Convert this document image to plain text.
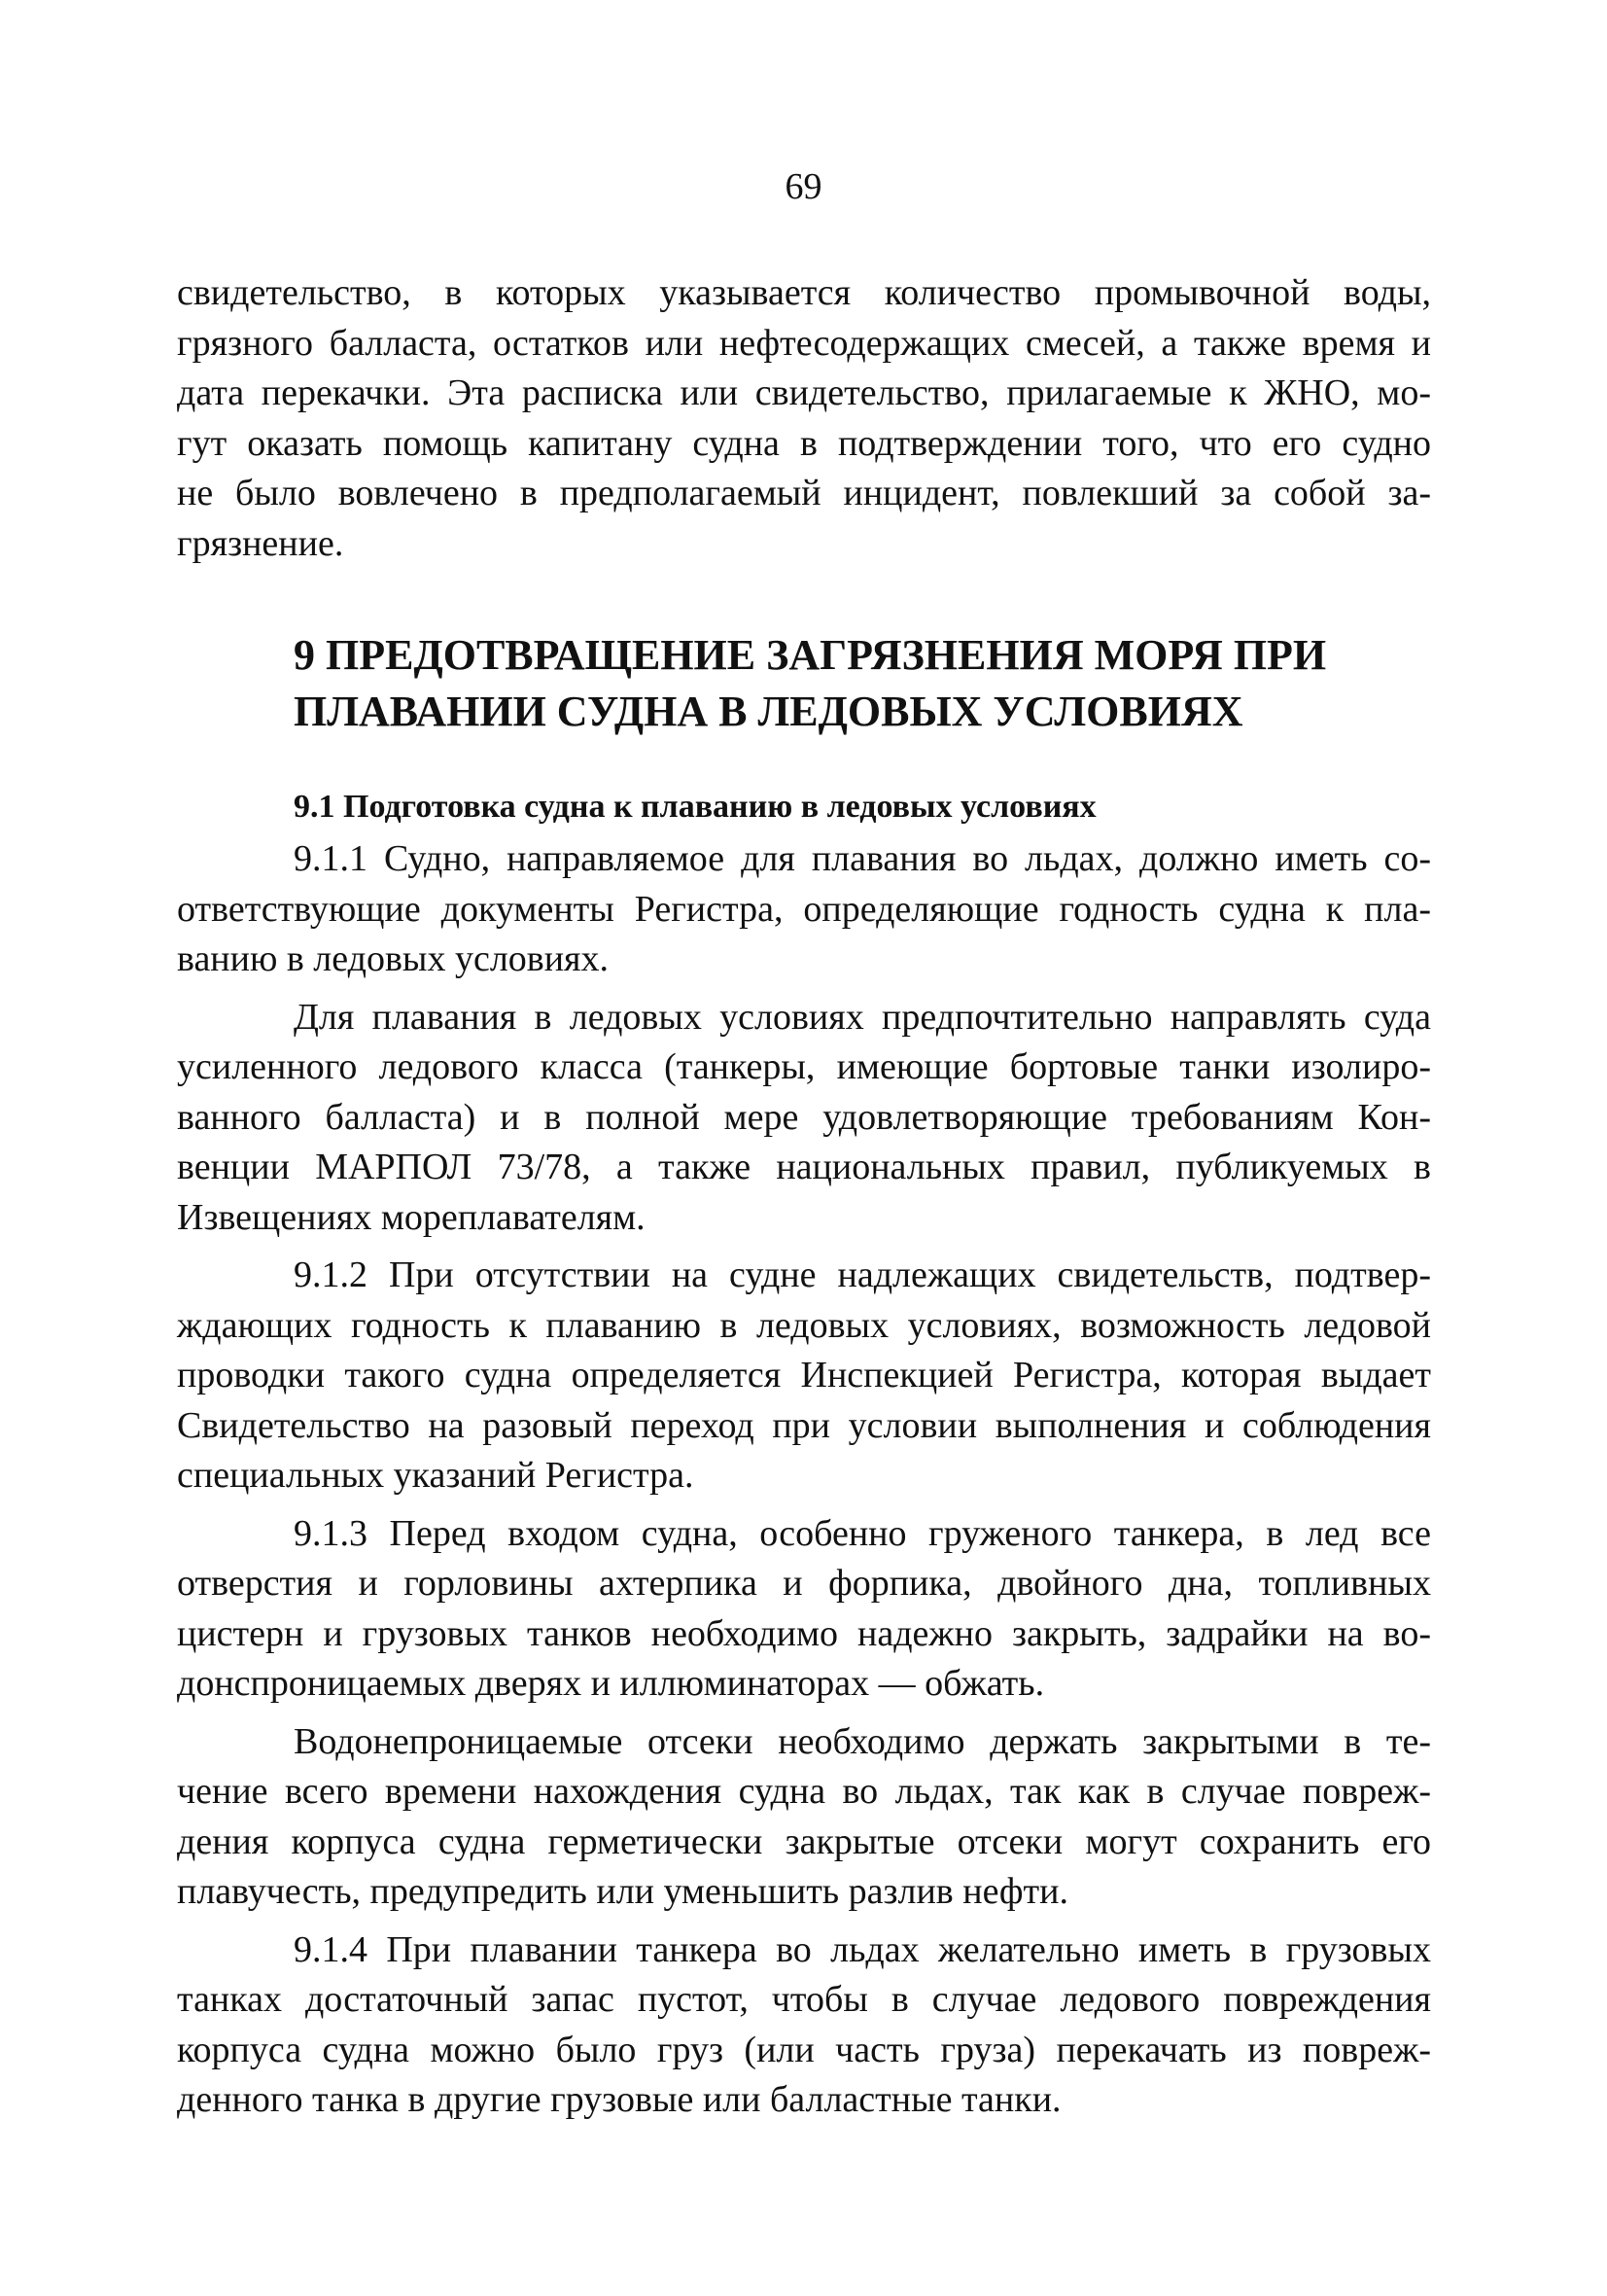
69
свидетельство, в которых указывается количество промывочной воды,
грязного балласта, остатков или нефтесодержащих смесей, а также время и
дата перекачки. Эта расписка или свидетельство, прилагаемые к ЖНО, мо-
гут оказать помощь капитану судна в подтверждении того, что его судно
не было вовлечено в предполагаемый инцидент, повлекший за собой за-
грязнение.
9 ПРЕДОТВРАЩЕНИЕ ЗАГРЯЗНЕНИЯ МОРЯ ПРИ
ПЛАВАНИИ СУДНА В ЛЕДОВЫХ УСЛОВИЯХ
9.1 Подготовка судна к плаванию в ледовых условиях
9.1.1 Судно, направляемое для плавания во льдах, должно иметь со-
ответствующие документы Регистра, определяющие годность судна к пла-
ванию в ледовых условиях.
Для плавания в ледовых условиях предпочтительно направлять суда
усиленного ледового класса (танкеры, имеющие бортовые танки изолиро-
ванного балласта) и в полной мере удовлетворяющие требованиям Кон-
венции МАРПОЛ 73/78, а также национальных правил, публикуемых в
Извещениях мореплавателям.
9.1.2 При отсутствии на судне надлежащих свидетельств, подтвер-
ждающих годность к плаванию в ледовых условиях, возможность ледовой
проводки такого судна определяется Инспекцией Регистра, которая выдает
Свидетельство на разовый переход при условии выполнения и соблюдения
специальных указаний Регистра.
9.1.3 Перед входом судна, особенно груженого танкера, в лед все
отверстия и горловины ахтерпика и форпика, двойного дна, топливных
цистерн и грузовых танков необходимо надежно закрыть, задрайки на во-
донспроницаемых дверях и иллюминаторах — обжать.
Водонепроницаемые отсеки необходимо держать закрытыми в те-
чение всего времени нахождения судна во льдах, так как в случае повреж-
дения корпуса судна герметически закрытые отсеки могут сохранить его
плавучесть, предупредить или уменьшить разлив нефти.
9.1.4 При плавании танкера во льдах желательно иметь в грузовых
танках достаточный запас пустот, чтобы в случае ледового повреждения
корпуса судна можно было груз (или часть груза) перекачать из повреж-
денного танка в другие грузовые или балластные танки.
